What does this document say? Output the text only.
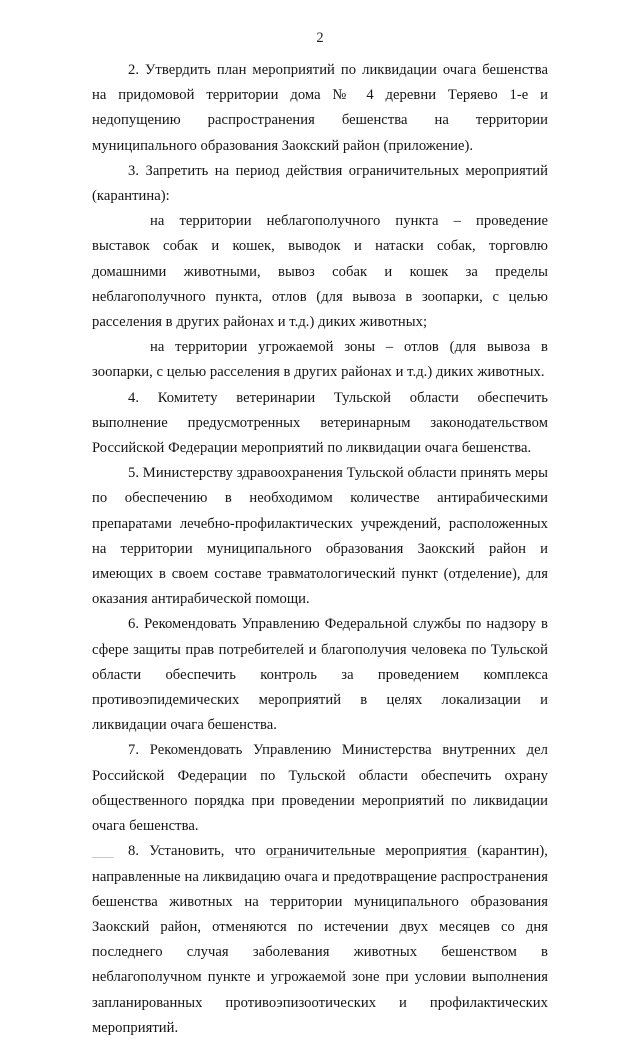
2

2. Утвердить план мероприятий по ликвидации очага бешенства на придомовой территории дома № 4 деревни Теряево 1-е и недопущению распространения бешенства на территории муниципального образования Заокский район (приложение).

3. Запретить на период действия ограничительных мероприятий (карантина):

на территории неблагополучного пункта – проведение выставок собак и кошек, выводок и натаски собак, торговлю домашними животными, вывоз собак и кошек за пределы неблагополучного пункта, отлов (для вывоза в зоопарки, с целью расселения в других районах и т.д.) диких животных;

на территории угрожаемой зоны – отлов (для вывоза в зоопарки, с целью расселения в других районах и т.д.) диких животных.

4. Комитету ветеринарии Тульской области обеспечить выполнение предусмотренных ветеринарным законодательством Российской Федерации мероприятий по ликвидации очага бешенства.

5. Министерству здравоохранения Тульской области принять меры по обеспечению в необходимом количестве антирабическими препаратами лечебно-профилактических учреждений, расположенных на территории муниципального образования Заокский район и имеющих в своем составе травматологический пункт (отделение), для оказания антирабической помощи.

6. Рекомендовать Управлению Федеральной службы по надзору в сфере защиты прав потребителей и благополучия человека по Тульской области обеспечить контроль за проведением комплекса противоэпидемических мероприятий в целях локализации и ликвидации очага бешенства.

7. Рекомендовать Управлению Министерства внутренних дел Российской Федерации по Тульской области обеспечить охрану общественного порядка при проведении мероприятий по ликвидации очага бешенства.

8. Установить, что ограничительные мероприятия (карантин), направленные на ликвидацию очага и предотвращение распространения бешенства животных на территории муниципального образования Заокский район, отменяются по истечении двух месяцев со дня последнего случая заболевания животных бешенством в неблагополучном пункте и угрожаемой зоне при условии выполнения запланированных противоэпизоотических и профилактических мероприятий.
